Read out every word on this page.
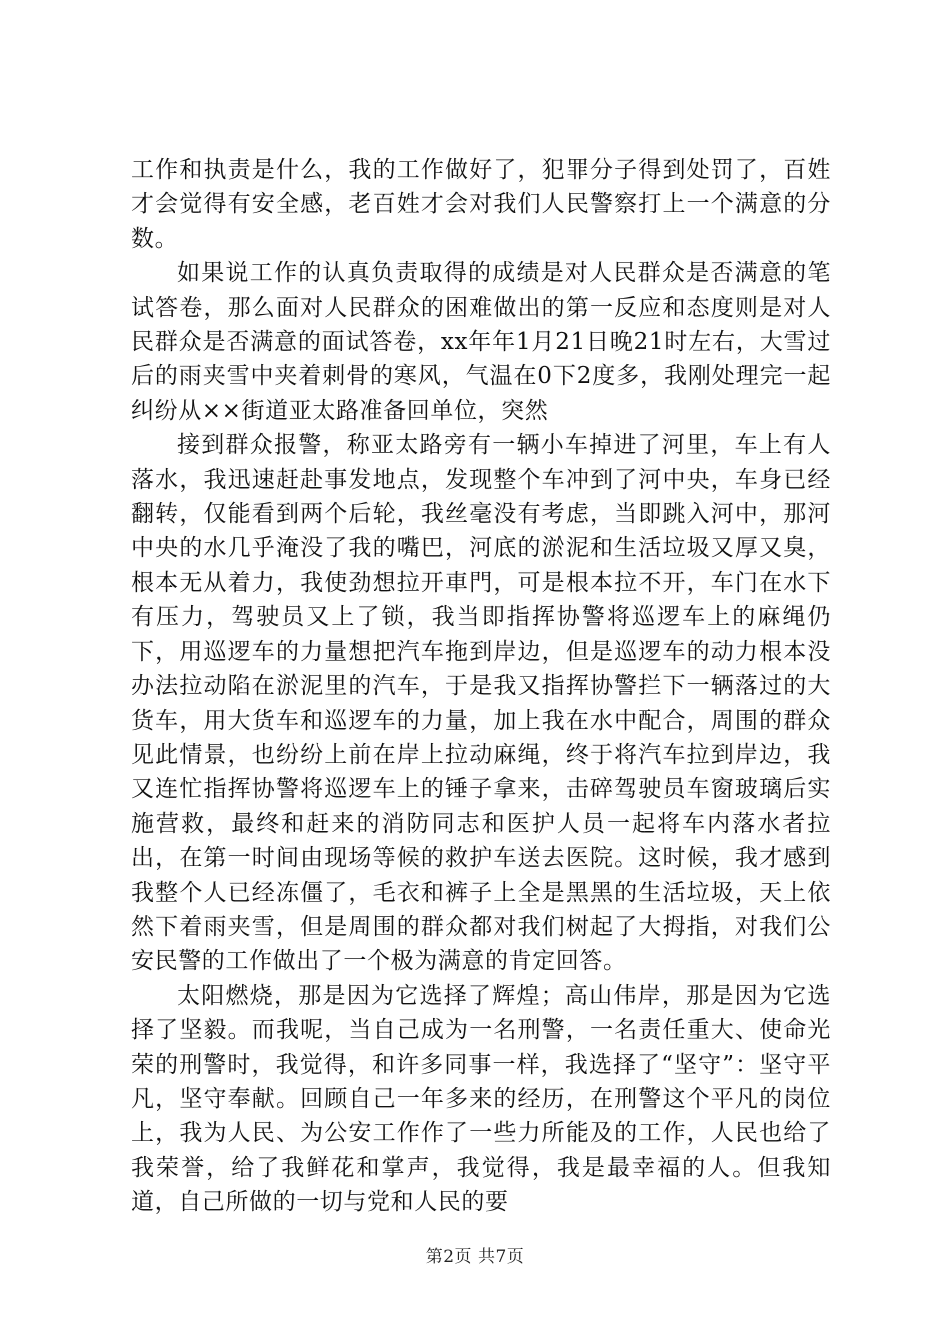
工作和执责是什么，我的工作做好了，犯罪分子得到处罚了，百姓才会觉得有安全感，老百姓才会对我们人民警察打上一个满意的分数。

如果说工作的认真负责取得的成绩是对人民群众是否满意的笔试答卷，那么面对人民群众的困难做出的第一反应和态度则是对人民群众是否满意的面试答卷，xx年年1月21日晚21时左右，大雪过后的雨夹雪中夹着刺骨的寒风，气温在0下2度多，我刚处理完一起纠纷从××街道亚太路准备回单位，突然

接到群众报警，称亚太路旁有一辆小车掉进了河里，车上有人落水，我迅速赶赴事发地点，发现整个车冲到了河中央，车身已经翻转，仅能看到两个后轮，我丝毫没有考虑，当即跳入河中，那河中央的水几乎淹没了我的嘴巴，河底的淤泥和生活垃圾又厚又臭，根本无从着力，我使劲想拉开車門，可是根本拉不开，车门在水下有压力，驾驶员又上了锁，我当即指挥协警将巡逻车上的麻绳仍下，用巡逻车的力量想把汽车拖到岸边，但是巡逻车的动力根本没办法拉动陷在淤泥里的汽车，于是我又指挥协警拦下一辆落过的大货车，用大货车和巡逻车的力量，加上我在水中配合，周围的群众见此情景，也纷纷上前在岸上拉动麻绳，终于将汽车拉到岸边，我又连忙指挥协警将巡逻车上的锤子拿来，击碎驾驶员车窗玻璃后实施营救，最终和赶来的消防同志和医护人员一起将车内落水者拉出，在第一时间由现场等候的救护车送去医院。这时候，我才感到我整个人已经冻僵了，毛衣和裤子上全是黑黑的生活垃圾，天上依然下着雨夹雪，但是周围的群众都对我们树起了大拇指，对我们公安民警的工作做出了一个极为满意的肯定回答。

太阳燃烧，那是因为它选择了辉煌；高山伟岸，那是因为它选择了坚毅。而我呢，当自己成为一名刑警，一名责任重大、使命光荣的刑警时，我觉得，和许多同事一样，我选择了“坚守”：坚守平凡，坚守奉献。回顾自己一年多来的经历，在刑警这个平凡的岗位上，我为人民、为公安工作作了一些力所能及的工作，人民也给了我荣誉，给了我鲜花和掌声，我觉得，我是最幸福的人。但我知道，自己所做的一切与党和人民的要

第2页 共7页
